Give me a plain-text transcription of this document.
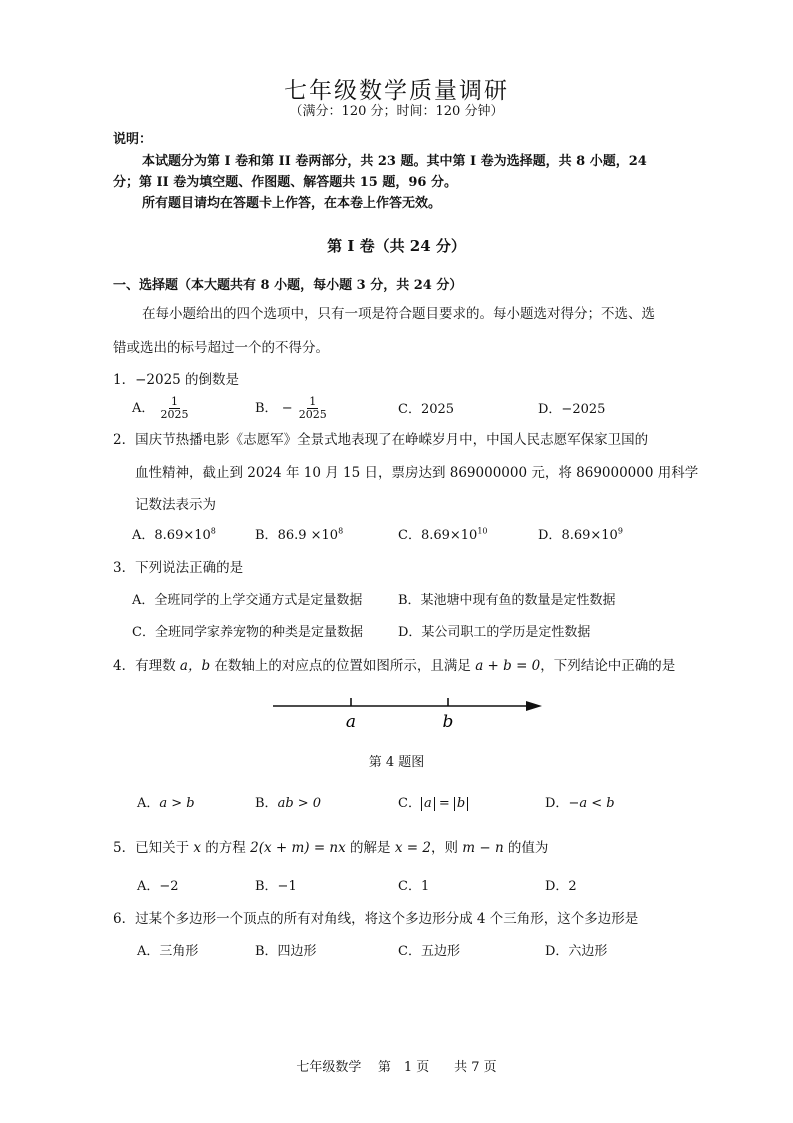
七年级数学质量调研
（满分：120 分；时间：120 分钟）
说明：
本试题分为第 I 卷和第 II 卷两部分，共 23 题。其中第 I 卷为选择题，共 8 小题，24
分；第 II 卷为填空题、作图题、解答题共 15 题，96 分。
所有题目请均在答题卡上作答，在本卷上作答无效。
第 I 卷（共 24 分）
一、选择题（本大题共有 8 小题，每小题 3 分，共 24 分）
在每小题给出的四个选项中，只有一项是符合题目要求的。每小题选对得分；不选、选
错或选出的标号超过一个的不得分。
1．−2025 的倒数是
A． $\frac{1}{2025}$	B． − $\frac{1}{2025}$	C．2025	D．−2025
2．国庆节热播电影《志愿军》全景式地表现了在峥嵘岁月中，中国人民志愿军保家卫国的
血性精神，截止到 2024 年 10 月 15 日，票房达到 869000000 元，将 869000000 用科学
记数法表示为
A．$8.69\times 10^8$	B．$86.9 \times 10^8$	C．$8.69\times 10^{10}$	D．$8.69\times 10^9$
3．下列说法正确的是
A．全班同学的上学交通方式是定量数据	B．某池塘中现有鱼的数量是定性数据
C．全班同学家养宠物的种类是定量数据	D．某公司职工的学历是定性数据
4．有理数 a，b 在数轴上的对应点的位置如图所示，且满足 a + b = 0，下列结论中正确的是
a	b
第 4 题图
A．a > b	B．ab > 0	C． a = b	D．−a < b
5．已知关于 x 的方程 2(x + m) = nx 的解是 x = 2，则 m − n 的值为
A．−2	B．−1	C．1	D．2
6．过某个多边形一个顶点的所有对角线，将这个多边形分成 4 个三角形，这个多边形是
A．三角形	B．四边形	C．五边形	D．六边形
七年级数学 第　1 页 共 7 页
